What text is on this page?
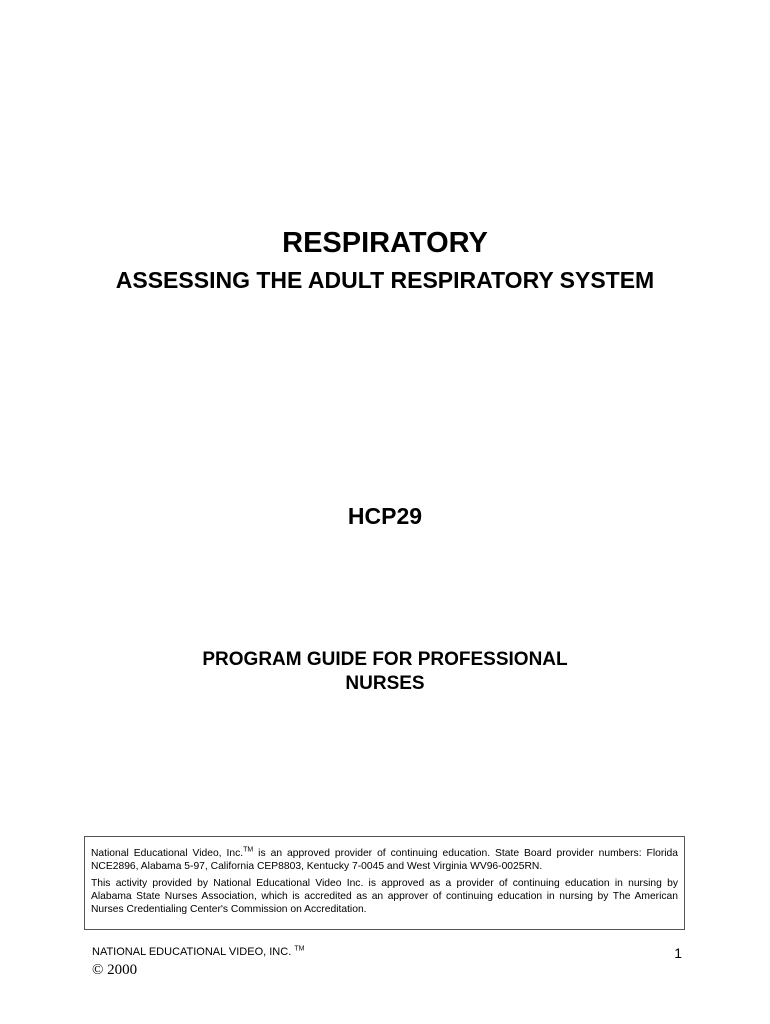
RESPIRATORY
ASSESSING THE ADULT RESPIRATORY SYSTEM
HCP29
PROGRAM GUIDE FOR PROFESSIONAL NURSES

National Educational Video, Inc.™ is an approved provider of continuing education. State Board provider numbers: Florida NCE2896, Alabama 5-97, California CEP8803, Kentucky 7-0045 and West Virginia WV96-0025RN.

This activity provided by National Educational Video Inc. is approved as a provider of continuing education in nursing by Alabama State Nurses Association, which is accredited as an approver of continuing education in nursing by The American Nurses Credentialing Center's Commission on Accreditation.

NATIONAL EDUCATIONAL VIDEO, INC. ™
© 2000
1
